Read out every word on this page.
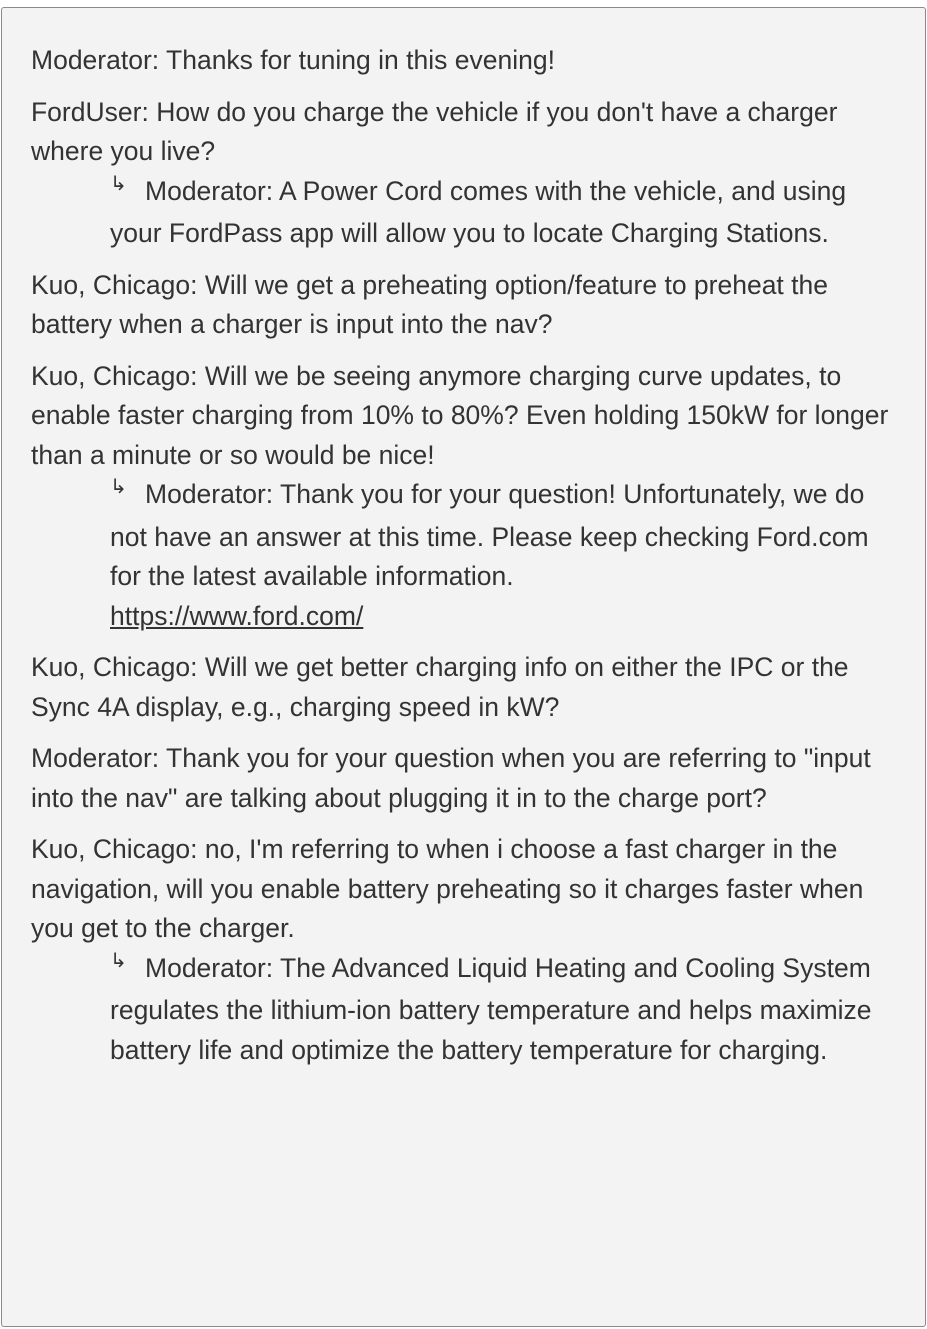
Moderator: Thanks for tuning in this evening!
FordUser: How do you charge the vehicle if you don't have a charger where you live?
↳ Moderator: A Power Cord comes with the vehicle, and using your FordPass app will allow you to locate Charging Stations.
Kuo, Chicago: Will we get a preheating option/feature to preheat the battery when a charger is input into the nav?
Kuo, Chicago: Will we be seeing anymore charging curve updates, to enable faster charging from 10% to 80%? Even holding 150kW for longer than a minute or so would be nice!
↳ Moderator: Thank you for your question! Unfortunately, we do not have an answer at this time. Please keep checking Ford.com for the latest available information.
https://www.ford.com/
Kuo, Chicago: Will we get better charging info on either the IPC or the Sync 4A display, e.g., charging speed in kW?
Moderator: Thank you for your question when you are referring to "input into the nav" are talking about plugging it in to the charge port?
Kuo, Chicago: no, I'm referring to when i choose a fast charger in the navigation, will you enable battery preheating so it charges faster when you get to the charger.
↳ Moderator: The Advanced Liquid Heating and Cooling System regulates the lithium-ion battery temperature and helps maximize battery life and optimize the battery temperature for charging.
